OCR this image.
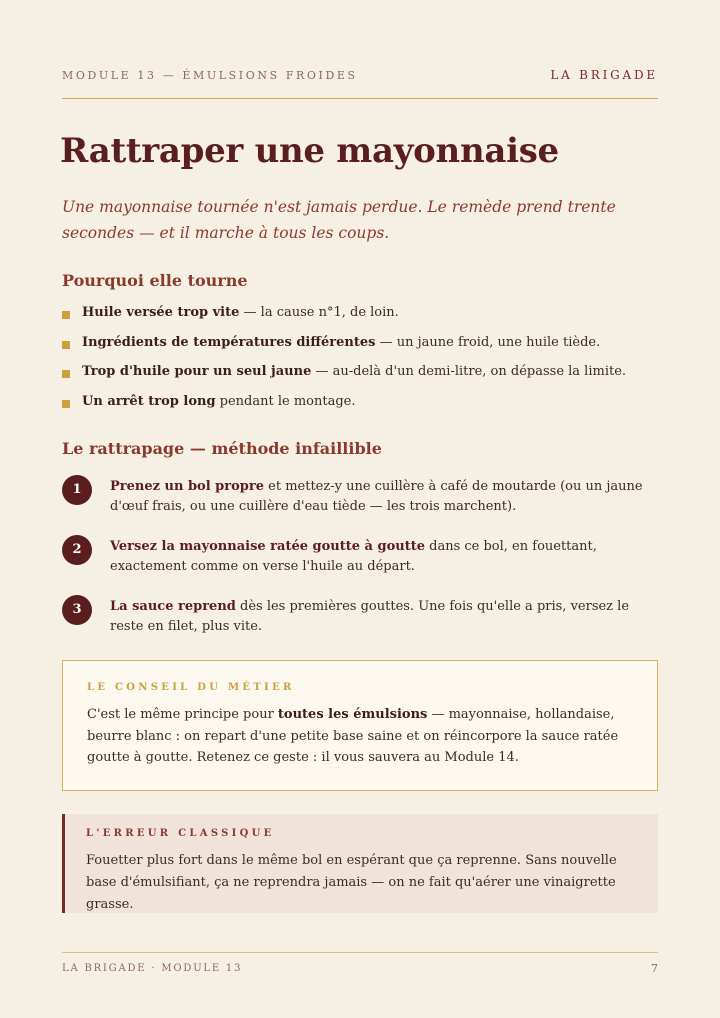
MODULE 13 — ÉMULSIONS FROIDES	LA BRIGADE
Rattraper une mayonnaise

Une mayonnaise tournée n'est jamais perdue. Le remède prend trente secondes — et il marche à tous les coups.

Pourquoi elle tourne
Huile versée trop vite — la cause n°1, de loin.
Ingrédients de températures différentes — un jaune froid, une huile tiède.
Trop d'huile pour un seul jaune — au-delà d'un demi-litre, on dépasse la limite.
Un arrêt trop long pendant le montage.
Le rattrapage — méthode infaillible
1	Prenez un bol propre et mettez-y une cuillère à café de moutarde (ou un jaune d'œuf frais, ou une cuillère d'eau tiède — les trois marchent).

2	Versez la mayonnaise ratée goutte à goutte dans ce bol, en fouettant, exactement comme on verse l'huile au départ.

3	La sauce reprend dès les premières gouttes. Une fois qu'elle a pris, versez le reste en filet, plus vite.

LE CONSEIL DU MÉTIER

C'est le même principe pour toutes les émulsions — mayonnaise, hollandaise, beurre blanc : on repart d'une petite base saine et on réincorpore la sauce ratée goutte à goutte. Retenez ce geste : il vous sauvera au Module 14.

L'ERREUR CLASSIQUE

Fouetter plus fort dans le même bol en espérant que ça reprenne. Sans nouvelle base d'émulsifiant, ça ne reprendra jamais — on ne fait qu'aérer une vinaigrette grasse.

LA BRIGADE · MODULE 13	7
